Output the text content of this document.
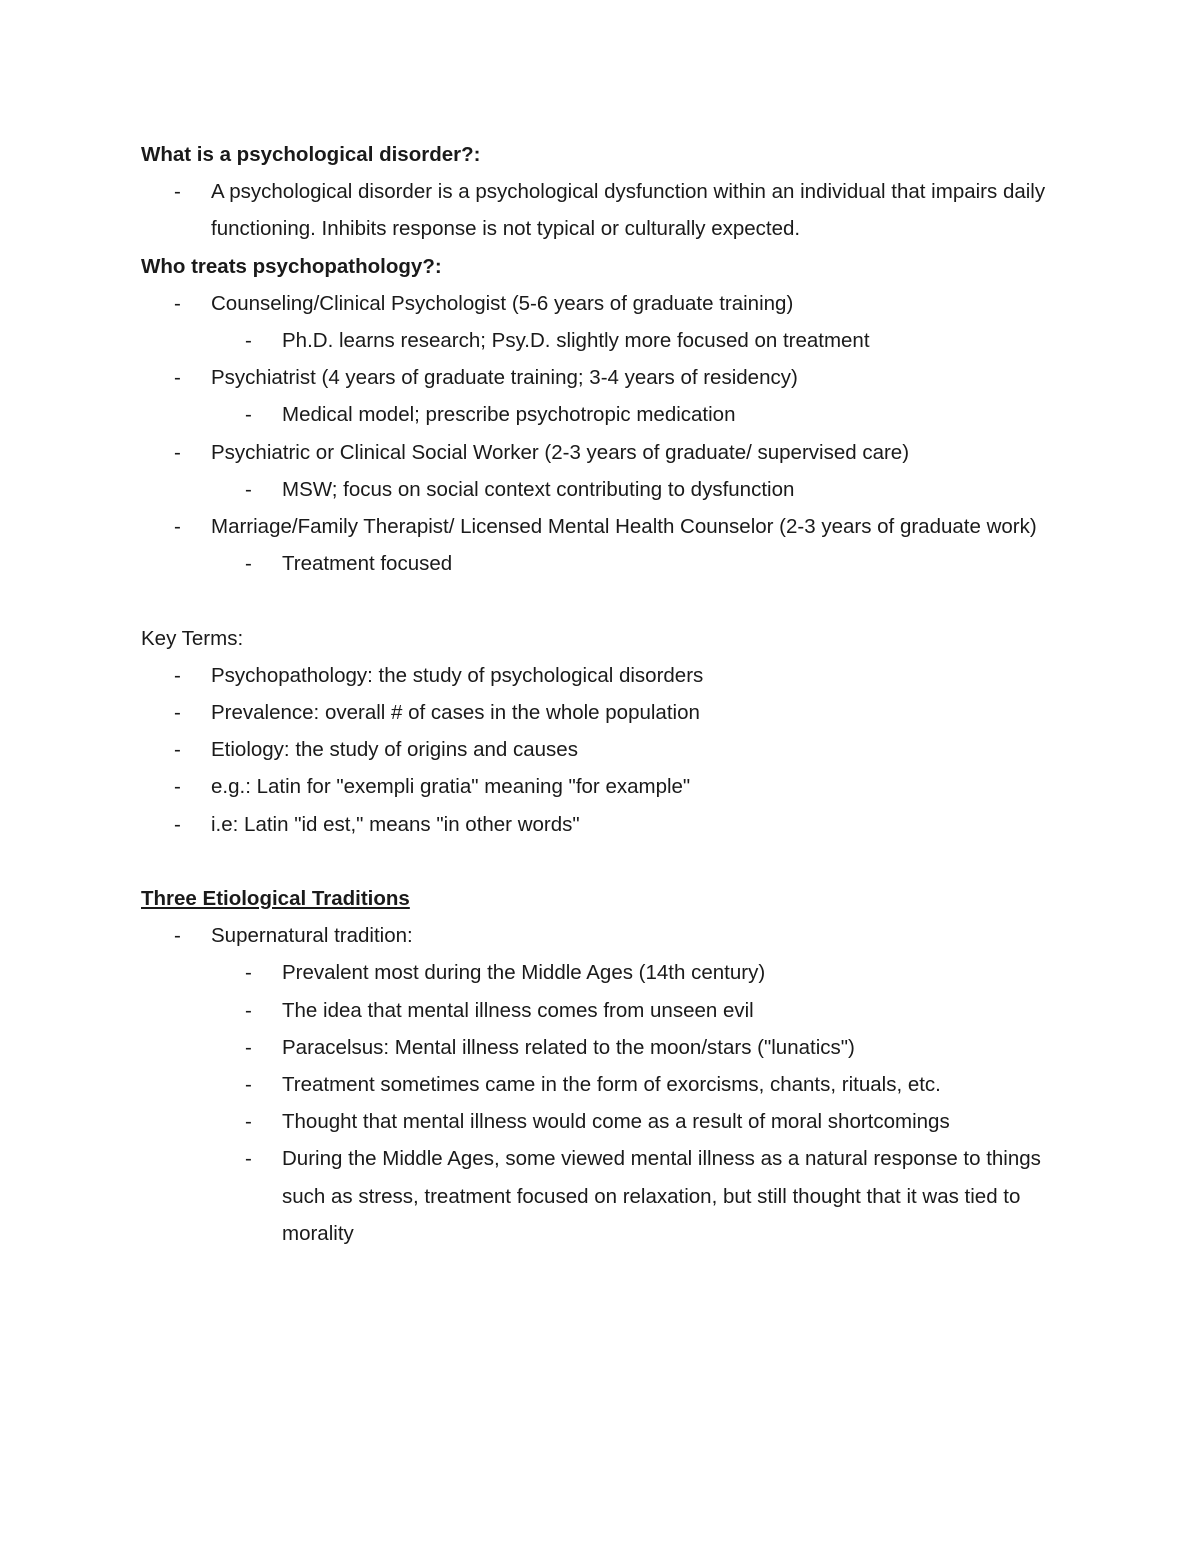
What is a psychological disorder?:

- A psychological disorder is a psychological dysfunction within an individual that impairs daily functioning. Inhibits response is not typical or culturally expected.

Who treats psychopathology?:

- Counseling/Clinical Psychologist (5-6 years of graduate training)
- Ph.D. learns research; Psy.D. slightly more focused on treatment
- Psychiatrist (4 years of graduate training; 3-4 years of residency)
- Medical model; prescribe psychotropic medication
- Psychiatric or Clinical Social Worker (2-3 years of graduate/ supervised care)
- MSW; focus on social context contributing to dysfunction
- Marriage/Family Therapist/ Licensed Mental Health Counselor (2-3 years of graduate work)
- Treatment focused

Key Terms:

- Psychopathology: the study of psychological disorders
- Prevalence: overall # of cases in the whole population
- Etiology: the study of origins and causes
- e.g.: Latin for "exempli gratia" meaning "for example"
- i.e: Latin "id est," means "in other words"

Three Etiological Traditions

- Supernatural tradition:
- Prevalent most during the Middle Ages (14th century)
- The idea that mental illness comes from unseen evil
- Paracelsus: Mental illness related to the moon/stars ("lunatics")
- Treatment sometimes came in the form of exorcisms, chants, rituals, etc.
- Thought that mental illness would come as a result of moral shortcomings
- During the Middle Ages, some viewed mental illness as a natural response to things such as stress, treatment focused on relaxation, but still thought that it was tied to morality
